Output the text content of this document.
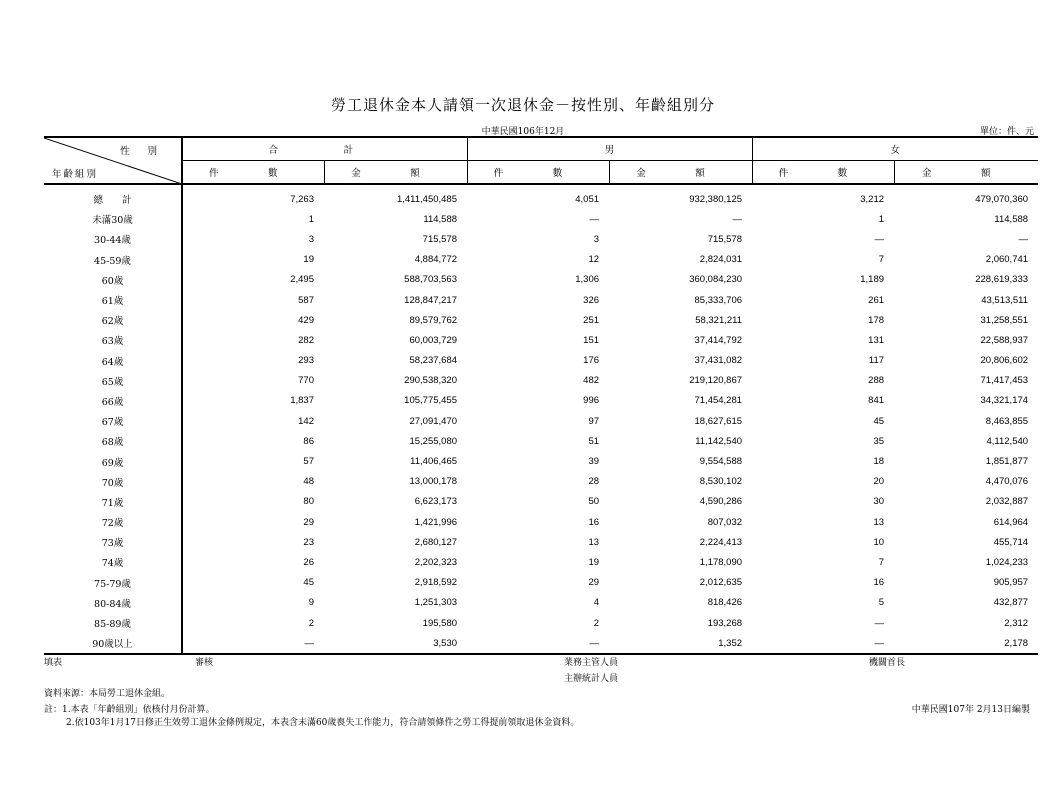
勞工退休金本人請領一次退休金－按性別、年齡組別分
中華民國106年12月	單位：件、元
性別
年齡組別	合　計		男		女	
	件　數	金　額	件　數	金　額	件　數	金　額
總　　計	7,263	1,411,450,485	4,051	932,380,125	3,212	479,070,360
未滿30歲	1	114,588	—	—	1	114,588
30-44歲	3	715,578	3	715,578	—	—
45-59歲	19	4,884,772	12	2,824,031	7	2,060,741
60歲	2,495	588,703,563	1,306	360,084,230	1,189	228,619,333
61歲	587	128,847,217	326	85,333,706	261	43,513,511
62歲	429	89,579,762	251	58,321,211	178	31,258,551
63歲	282	60,003,729	151	37,414,792	131	22,588,937
64歲	293	58,237,684	176	37,431,082	117	20,806,602
65歲	770	290,538,320	482	219,120,867	288	71,417,453
66歲	1,837	105,775,455	996	71,454,281	841	34,321,174
67歲	142	27,091,470	97	18,627,615	45	8,463,855
68歲	86	15,255,080	51	11,142,540	35	4,112,540
69歲	57	11,406,465	39	9,554,588	18	1,851,877
70歲	48	13,000,178	28	8,530,102	20	4,470,076
71歲	80	6,623,173	50	4,590,286	30	2,032,887
72歲	29	1,421,996	16	807,032	13	614,964
73歲	23	2,680,127	13	2,224,413	10	455,714
74歲	26	2,202,323	19	1,178,090	7	1,024,233
75-79歲	45	2,918,592	29	2,012,635	16	905,957
80-84歲	9	1,251,303	4	818,426	5	432,877
85-89歲	2	195,580	2	193,268	—	2,312
90歲以上	—	3,530	—	1,352	—	2,178
填表	審核	業務主管人員
主辦統計人員
機關首長
資料來源：本局勞工退休金組。
註：1.本表「年齡組別」依核付月份計算。
2.依103年1月17日修正生效勞工退休金條例規定，本表含未滿60歲喪失工作能力，符合請領條件之勞工得提前領取退休金資料。
中華民國107年 2月13日編製
